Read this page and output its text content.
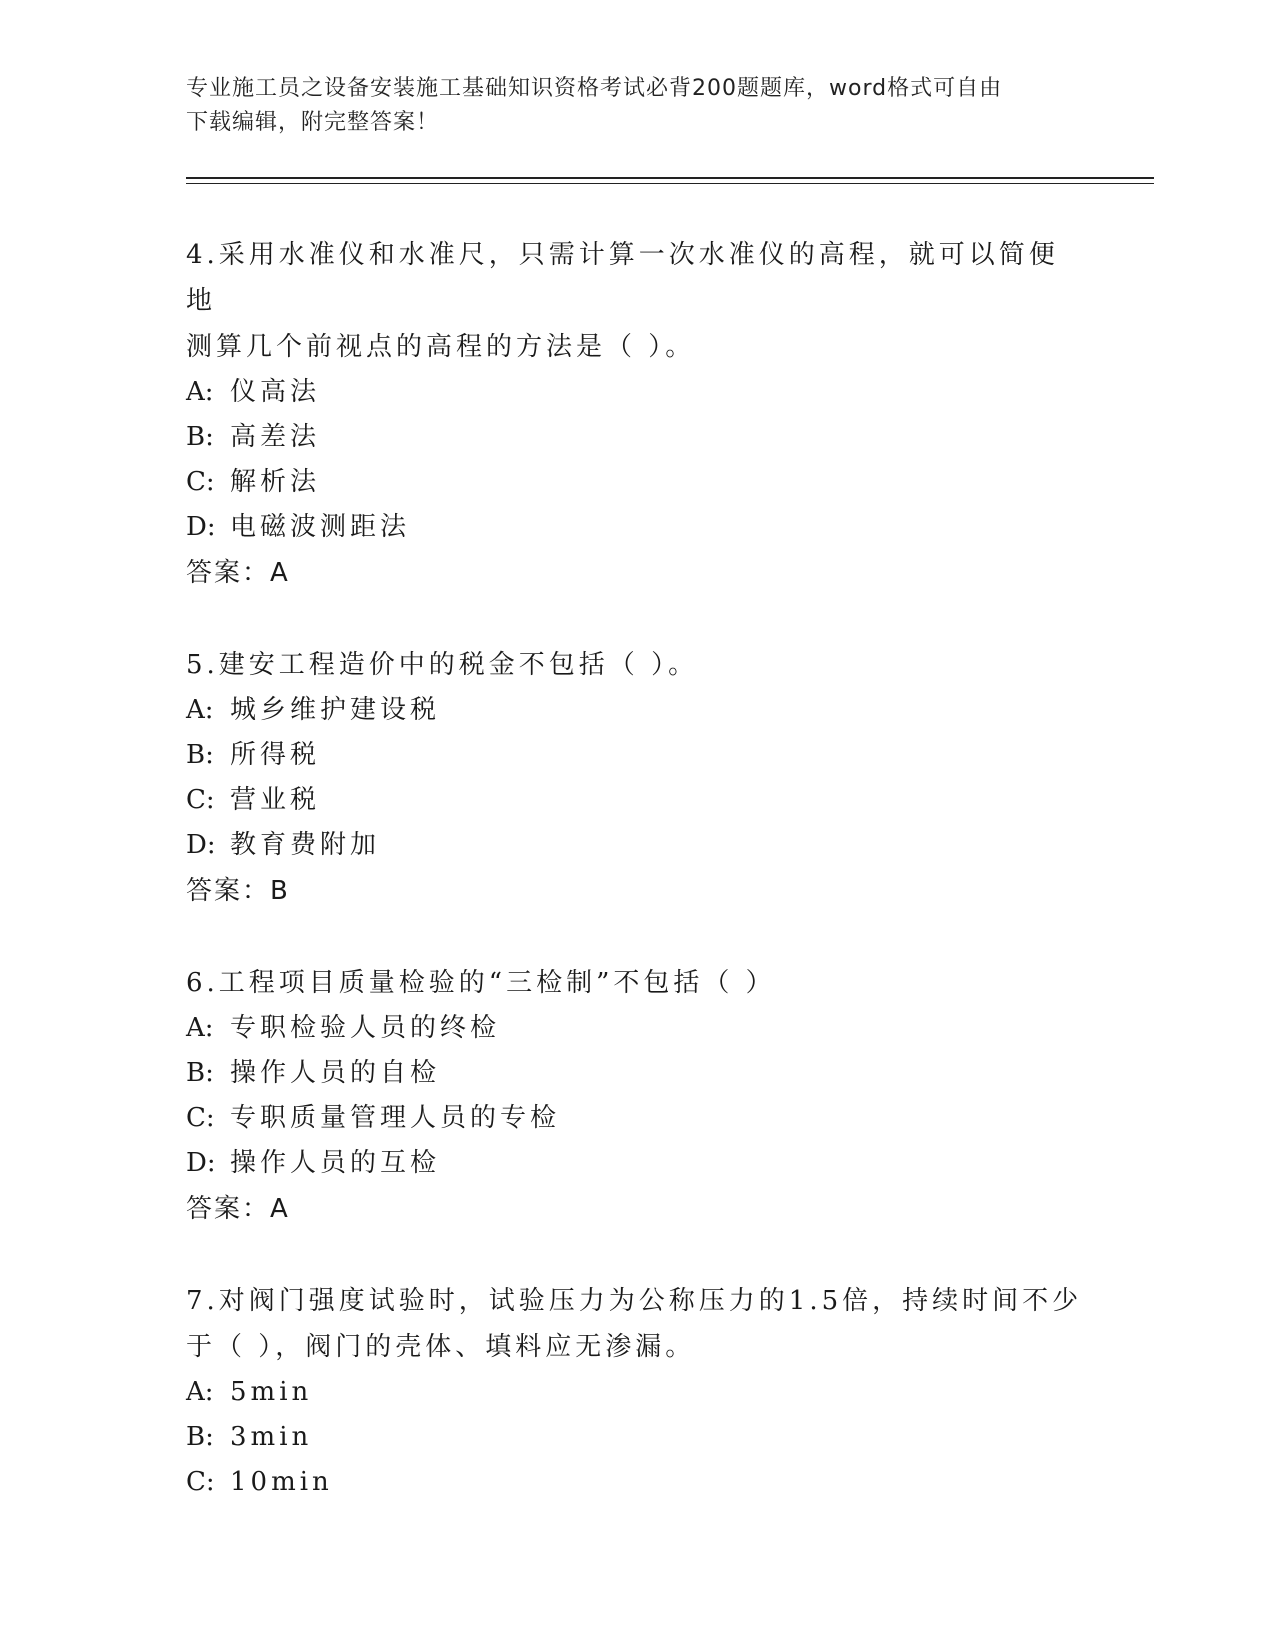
专业施工员之设备安装施工基础知识资格考试必背200题题库，word格式可自由
下载编辑，附完整答案！

4.采用水准仪和水准尺，只需计算一次水准仪的高程，就可以简便地

测算几个前视点的高程的方法是（ ）。

A: 仪高法

B: 高差法

C: 解析法

D: 电磁波测距法

答案：A

5.建安工程造价中的税金不包括（ ）。

A: 城乡维护建设税

B: 所得税

C: 营业税

D: 教育费附加

答案：B

6.工程项目质量检验的“三检制”不包括（ ）

A: 专职检验人员的终检

B: 操作人员的自检

C: 专职质量管理人员的专检

D: 操作人员的互检

答案：A

7.对阀门强度试验时，试验压力为公称压力的1.5倍，持续时间不少

于（ ），阀门的壳体、填料应无渗漏。

A: 5min

B: 3min

C: 10min
